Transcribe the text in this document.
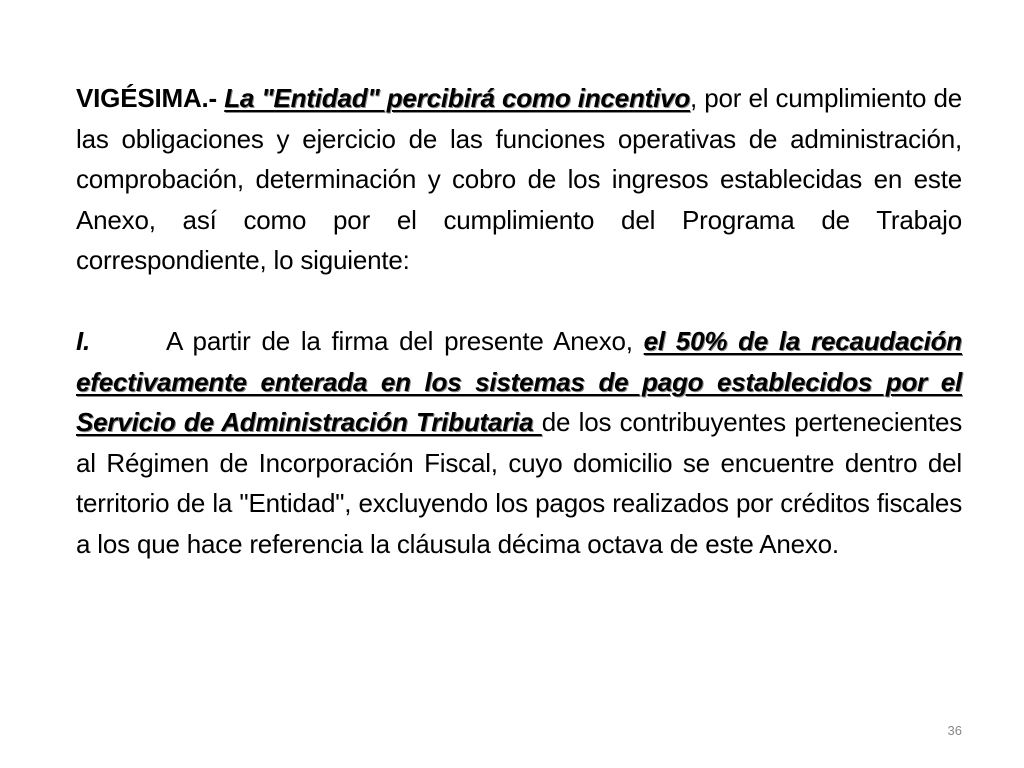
VIGÉSIMA.- La "Entidad" percibirá como incentivo, por el cumplimiento de las obligaciones y ejercicio de las funciones operativas de administración, comprobación, determinación y cobro de los ingresos establecidas en este Anexo, así como por el cumplimiento del Programa de Trabajo correspondiente, lo siguiente:

I.	A partir de la firma del presente Anexo, el 50% de la recaudación efectivamente enterada en los sistemas de pago establecidos por el Servicio de Administración Tributaria de los contribuyentes pertenecientes al Régimen de Incorporación Fiscal, cuyo domicilio se encuentre dentro del territorio de la "Entidad", excluyendo los pagos realizados por créditos fiscales a los que hace referencia la cláusula décima octava de este Anexo.

36
